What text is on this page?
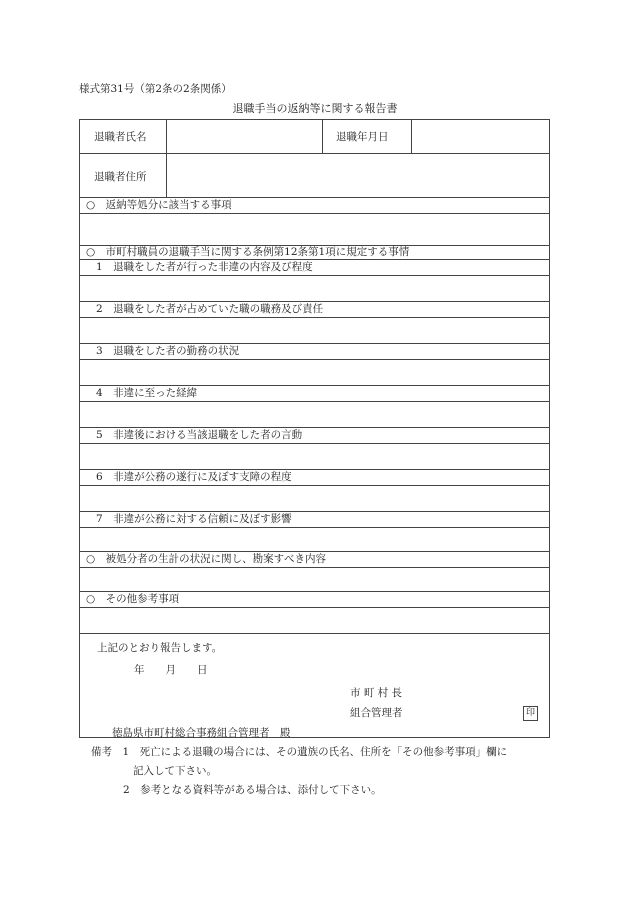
様式第31号（第2条の2条関係）
退職手当の返納等に関する報告書
退職者氏名	退職年月日
退職者住所
○　返納等処分に該当する事項
○　市町村職員の退職手当に関する条例第12条第1項に規定する事情
1　退職をした者が行った非違の内容及び程度
2　退職をした者が占めていた職の職務及び責任
3　退職をした者の勤務の状況
4　非違に至った経緯
5　非違後における当該退職をした者の言動
6　非違が公務の遂行に及ぼす支障の程度
7　非違が公務に対する信頼に及ぼす影響
○　被処分者の生計の状況に関し、勘案すべき内容
○　その他参考事項
上記のとおり報告します。
年　　月　　日
市 町 村 長
組合管理者	印
徳島県市町村総合事務組合管理者　殿
備考　 1　死亡による退職の場合には、その遺族の氏名、住所を「その他参考事項」欄に
記入して下さい。
2　参考となる資料等がある場合は、添付して下さい。
